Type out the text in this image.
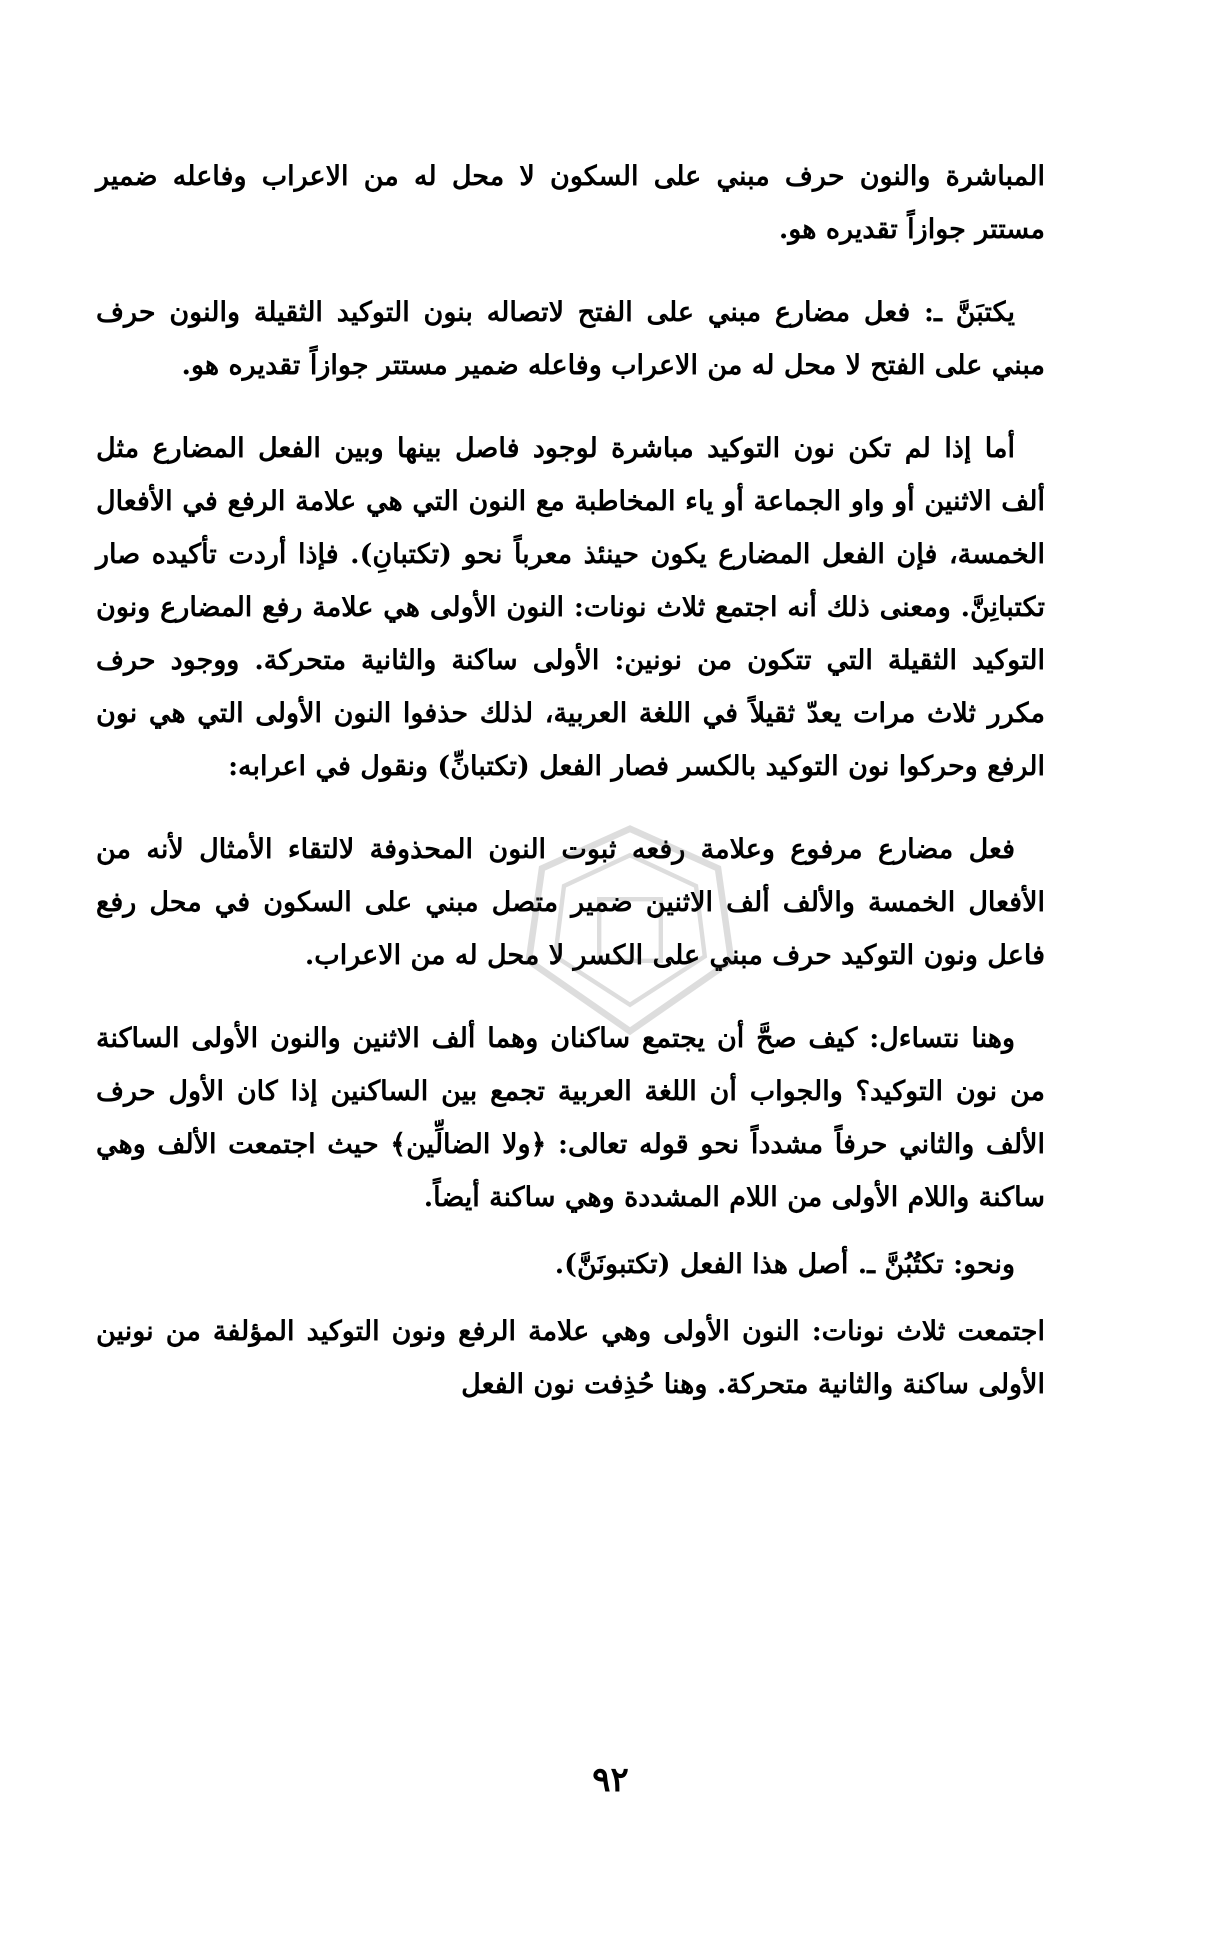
المباشرة والنون حرف مبني على السكون لا محل له من الاعراب وفاعله ضمير مستتر جوازاً تقديره هو.

يكتبَنَّ ـ: فعل مضارع مبني على الفتح لاتصاله بنون التوكيد الثقيلة والنون حرف مبني على الفتح لا محل له من الاعراب وفاعله ضمير مستتر جوازاً تقديره هو.

أما إذا لم تكن نون التوكيد مباشرة لوجود فاصل بينها وبين الفعل المضارع مثل ألف الاثنين أو واو الجماعة أو ياء المخاطبة مع النون التي هي علامة الرفع في الأفعال الخمسة، فإن الفعل المضارع يكون حينئذ معرباً نحو (تكتبانِ). فإذا أردت تأكيده صار تكتبانِنَّ. ومعنى ذلك أنه اجتمع ثلاث نونات: النون الأولى هي علامة رفع المضارع ونون التوكيد الثقيلة التي تتكون من نونين: الأولى ساكنة والثانية متحركة. ووجود حرف مكرر ثلاث مرات يعدّ ثقيلاً في اللغة العربية، لذلك حذفوا النون الأولى التي هي نون الرفع وحركوا نون التوكيد بالكسر فصار الفعل (تكتبانِّ) ونقول في اعرابه:

فعل مضارع مرفوع وعلامة رفعه ثبوت النون المحذوفة لالتقاء الأمثال لأنه من الأفعال الخمسة والألف ألف الاثنين ضمير متصل مبني على السكون في محل رفع فاعل ونون التوكيد حرف مبني على الكسر لا محل له من الاعراب.

وهنا نتساءل: كيف صحَّ أن يجتمع ساكنان وهما ألف الاثنين والنون الأولى الساكنة من نون التوكيد؟ والجواب أن اللغة العربية تجمع بين الساكنين إذا كان الأول حرف الألف والثاني حرفاً مشدداً نحو قوله تعالى: ﴿ولا الضالِّين﴾ حيث اجتمعت الألف وهي ساكنة واللام الأولى من اللام المشددة وهي ساكنة أيضاً.

ونحو: تكتُبُنَّ ـ. أصل هذا الفعل (تكتبونَنَّ).

اجتمعت ثلاث نونات: النون الأولى وهي علامة الرفع ونون التوكيد المؤلفة من نونين الأولى ساكنة والثانية متحركة. وهنا حُذِفت نون الفعل

٩٢
